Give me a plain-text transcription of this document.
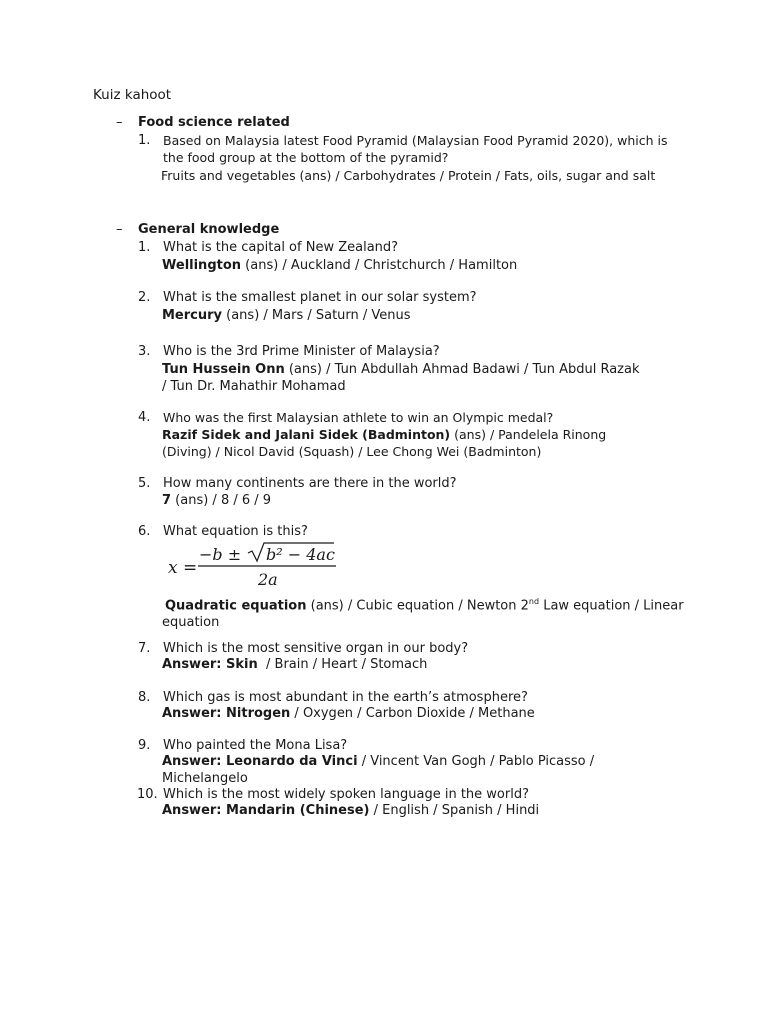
Kuiz kahoot
– Food science related
1.	Based on Malaysia latest Food Pyramid (Malaysian Food Pyramid 2020), which is
the food group at the bottom of the pyramid?
Fruits and vegetables (ans) / Carbohydrates / Protein / Fats, oils, sugar and salt
– General knowledge
1. What is the capital of New Zealand?
Wellington (ans) / Auckland / Christchurch / Hamilton
2. What is the smallest planet in our solar system?
Mercury (ans) / Mars / Saturn / Venus
3. Who is the 3rd Prime Minister of Malaysia?
Tun Hussein Onn (ans) / Tun Abdullah Ahmad Badawi / Tun Abdul Razak
/ Tun Dr. Mahathir Mohamad
4.	Who was the first Malaysian athlete to win an Olympic medal?
Razif Sidek and Jalani Sidek (Badminton) (ans) / Pandelela Rinong
(Diving) / Nicol David (Squash) / Lee Chong Wei (Badminton)
5. How many continents are there in the world?
7 (ans) / 8 / 6 / 9
6. What equation is this?
x =
−b ± b² − 4ac
2a
Quadratic equation (ans) / Cubic equation / Newton 2nd Law equation / Linear
equation
7. Which is the most sensitive organ in our body?
Answer: Skin  / Brain / Heart / Stomach
8. Which gas is most abundant in the earth’s atmosphere?
Answer: Nitrogen / Oxygen / Carbon Dioxide / Methane
9. Who painted the Mona Lisa?
Answer: Leonardo da Vinci / Vincent Van Gogh / Pablo Picasso / Michelangelo
10. Which is the most widely spoken language in the world?
Answer: Mandarin (Chinese) / English / Spanish / Hindi
